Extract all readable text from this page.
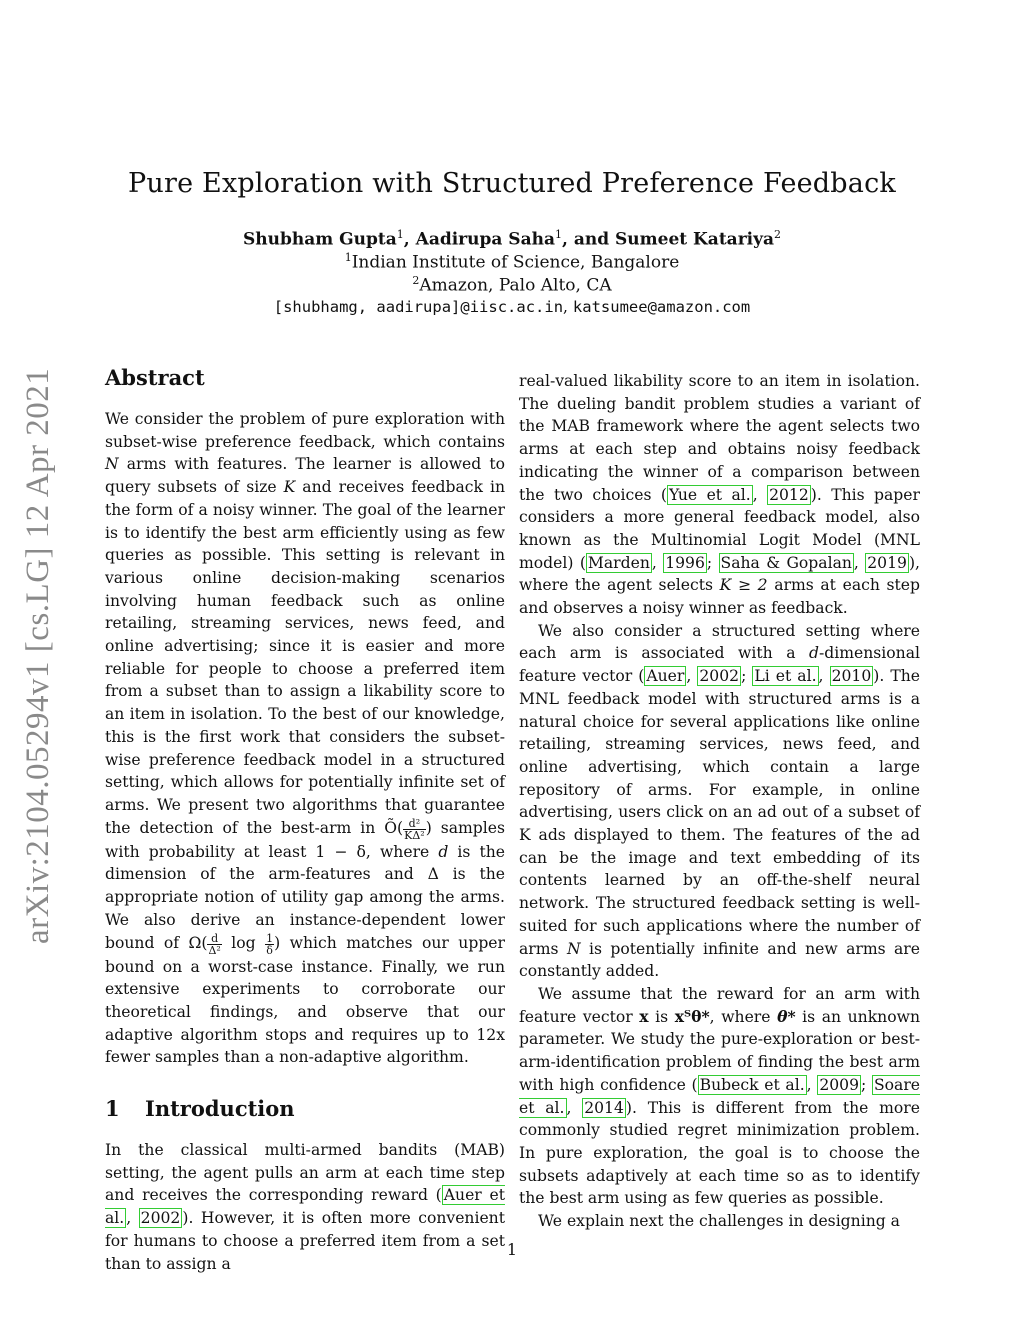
Pure Exploration with Structured Preference Feedback
Shubham Gupta$^1$, Aadirupa Saha$^1$, and Sumeet Katariya$^2$
$^1$Indian Institute of Science, Bangalore
$^2$Amazon, Palo Alto, CA
[shubhamg, aadirupa]@iisc.ac.in, katsumee@amazon.com
arXiv:2104.05294v1 [cs.LG] 12 Apr 2021 Abstract

We consider the problem of pure exploration with subset-wise preference feedback, which contains N arms with features. The learner is allowed to query subsets of size K and receives feedback in the form of a noisy winner. The goal of the learner is to identify the best arm efficiently using as few queries as possible. This setting is relevant in various online decision-making scenarios involving human feedback such as online retailing, streaming services, news feed, and online advertising; since it is easier and more reliable for people to choose a preferred item from a subset than to assign a likability score to an item in isolation. To the best of our knowledge, this is the first work that considers the subset-wise preference feedback model in a structured setting, which allows for potentially infinite set of arms. We present two algorithms that guarantee the detection of the best-arm in Õ( $\frac{\text{d²}}{\text{KΔ²}}$ ) samples with probability at least 1 − δ, where d is the dimension of the arm-features and Δ is the appropriate notion of utility gap among the arms. We also derive an instance-dependent lower bound of $\Omega( \frac{d}{\text{Δ²}}$ $\log \frac{1}{\delta}$ ) which matches our upper bound on a worst-case instance. Finally, we run extensive experiments to corroborate our theoretical findings, and observe that our adaptive algorithm stops and requires up to 12x fewer samples than a non-adaptive algorithm.

1 Introduction

In the classical multi-armed bandits (MAB) setting, the agent pulls an arm at each time step and receives the corresponding reward ( Auer et al. , 2002 ). However, it is often more convenient for humans to choose a preferred item from a set than to assign a

real-valued likability score to an item in isolation. The dueling bandit problem studies a variant of the MAB framework where the agent selects two arms at each step and obtains noisy feedback indicating the winner of a comparison between the two choices ( Yue et al. , 2012 ). This paper considers a more general feedback model, also known as the Multinomial Logit Model (MNL model) ( Marden , 1996 ; Saha & Gopalan , 2019 ), where the agent selects K ≥ 2 arms at each step and observes a noisy winner as feedback.

We also consider a structured setting where each arm is associated with a d-dimensional feature vector ( Auer , 2002 ; Li et al. , 2010 ). The MNL feedback model with structured arms is a natural choice for several applications like online retailing, streaming services, news feed, and online advertising, which contain a large repository of arms. For example, in online advertising, users click on an ad out of a subset of K ads displayed to them. The features of the ad can be the image and text embedding of its contents learned by an off-the-shelf neural network. The structured feedback setting is well-suited for such applications where the number of arms N is potentially infinite and new arms are constantly added.

We assume that the reward for an arm with feature vector x is xᵀθ*, where θ* is an unknown parameter. We study the pure-exploration or best-arm-identification problem of finding the best arm with high confidence ( Bubeck et al. , 2009 ; Soare et al. , 2014 ). This is different from the more commonly studied regret minimization problem. In pure exploration, the goal is to choose the subsets adaptively at each time so as to identify the best arm using as few queries as possible.

We explain next the challenges in designing a

1
